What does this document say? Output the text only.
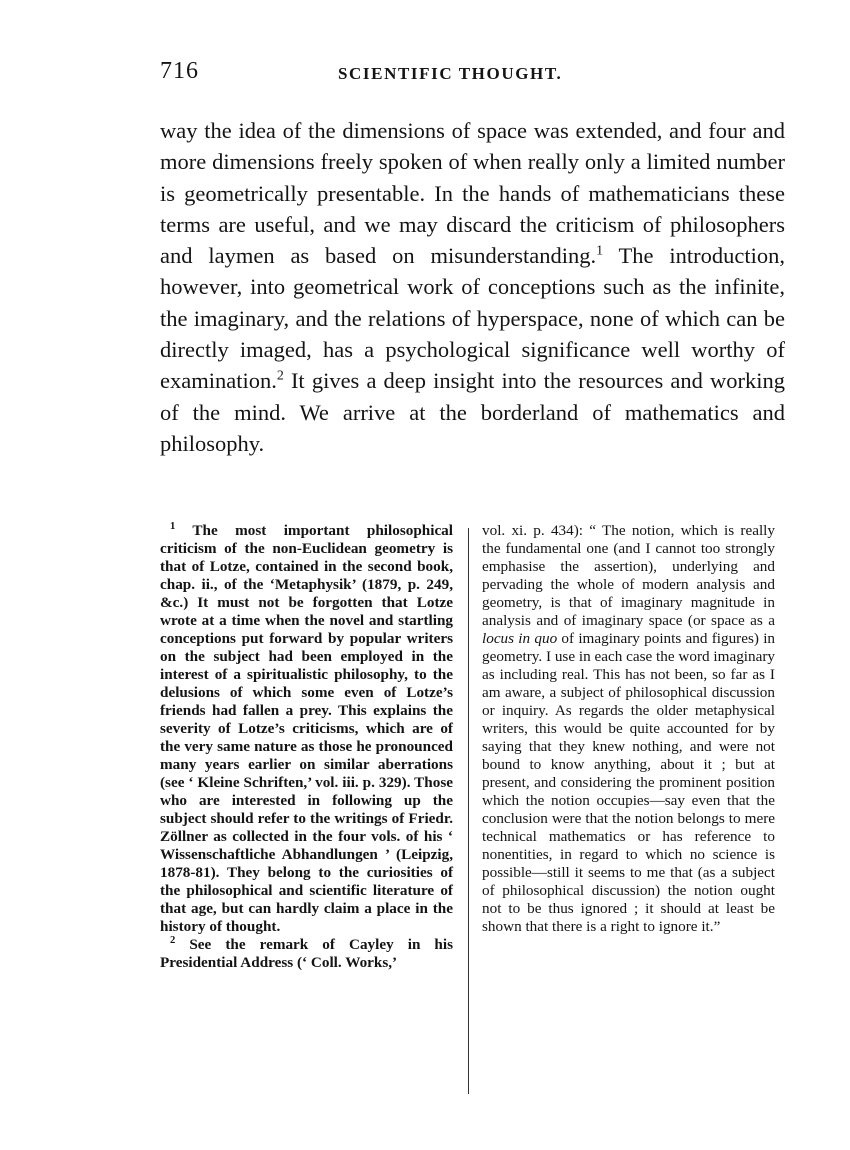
716	SCIENTIFIC THOUGHT.

way the idea of the dimensions of space was extended, and four and more dimensions freely spoken of when really only a limited number is geometrically presentable. In the hands of mathematicians these terms are useful, and we may discard the criticism of philosophers and laymen as based on misunderstanding.$^1$ The introduction, however, into geometrical work of conceptions such as the infinite, the imaginary, and the relations of hyperspace, none of which can be directly imaged, has a psychological significance well worthy of examination.$^2$ It gives a deep insight into the resources and working of the mind. We arrive at the borderland of mathematics and philosophy.

$^1$ The most important philosophical criticism of the non-Euclidean geometry is that of Lotze, contained in the second book, chap. ii., of the ‘Metaphysik’ (1879, p. 249, &c.) It must not be forgotten that Lotze wrote at a time when the novel and startling conceptions put forward by popular writers on the subject had been employed in the interest of a spiritualistic philosophy, to the delusions of which some even of Lotze’s friends had fallen a prey. This explains the severity of Lotze’s criticisms, which are of the very same nature as those he pronounced many years earlier on similar aberrations (see ‘ Kleine Schriften,’ vol. iii. p. 329). Those who are interested in following up the subject should refer to the writings of Friedr. Zöllner as collected in the four vols. of his ‘ Wissenschaftliche Abhandlungen ’ (Leipzig, 1878-81). They belong to the curiosities of the philosophical and scientific literature of that age, but can hardly claim a place in the history of thought.

$^2$ See the remark of Cayley in his Presidential Address (‘ Coll. Works,’

vol. xi. p. 434): “ The notion, which is really the fundamental one (and I cannot too strongly emphasise the assertion), underlying and pervading the whole of modern analysis and geometry, is that of imaginary magnitude in analysis and of imaginary space (or space as a locus in quo of imaginary points and figures) in geometry. I use in each case the word imaginary as including real. This has not been, so far as I am aware, a subject of philosophical discussion or inquiry. As regards the older metaphysical writers, this would be quite accounted for by saying that they knew nothing, and were not bound to know anything, about it ; but at present, and considering the prominent position which the notion occupies—say even that the conclusion were that the notion belongs to mere technical mathematics or has reference to nonentities, in regard to which no science is possible—still it seems to me that (as a subject of philosophical discussion) the notion ought not to be thus ignored ; it should at least be shown that there is a right to ignore it.”
